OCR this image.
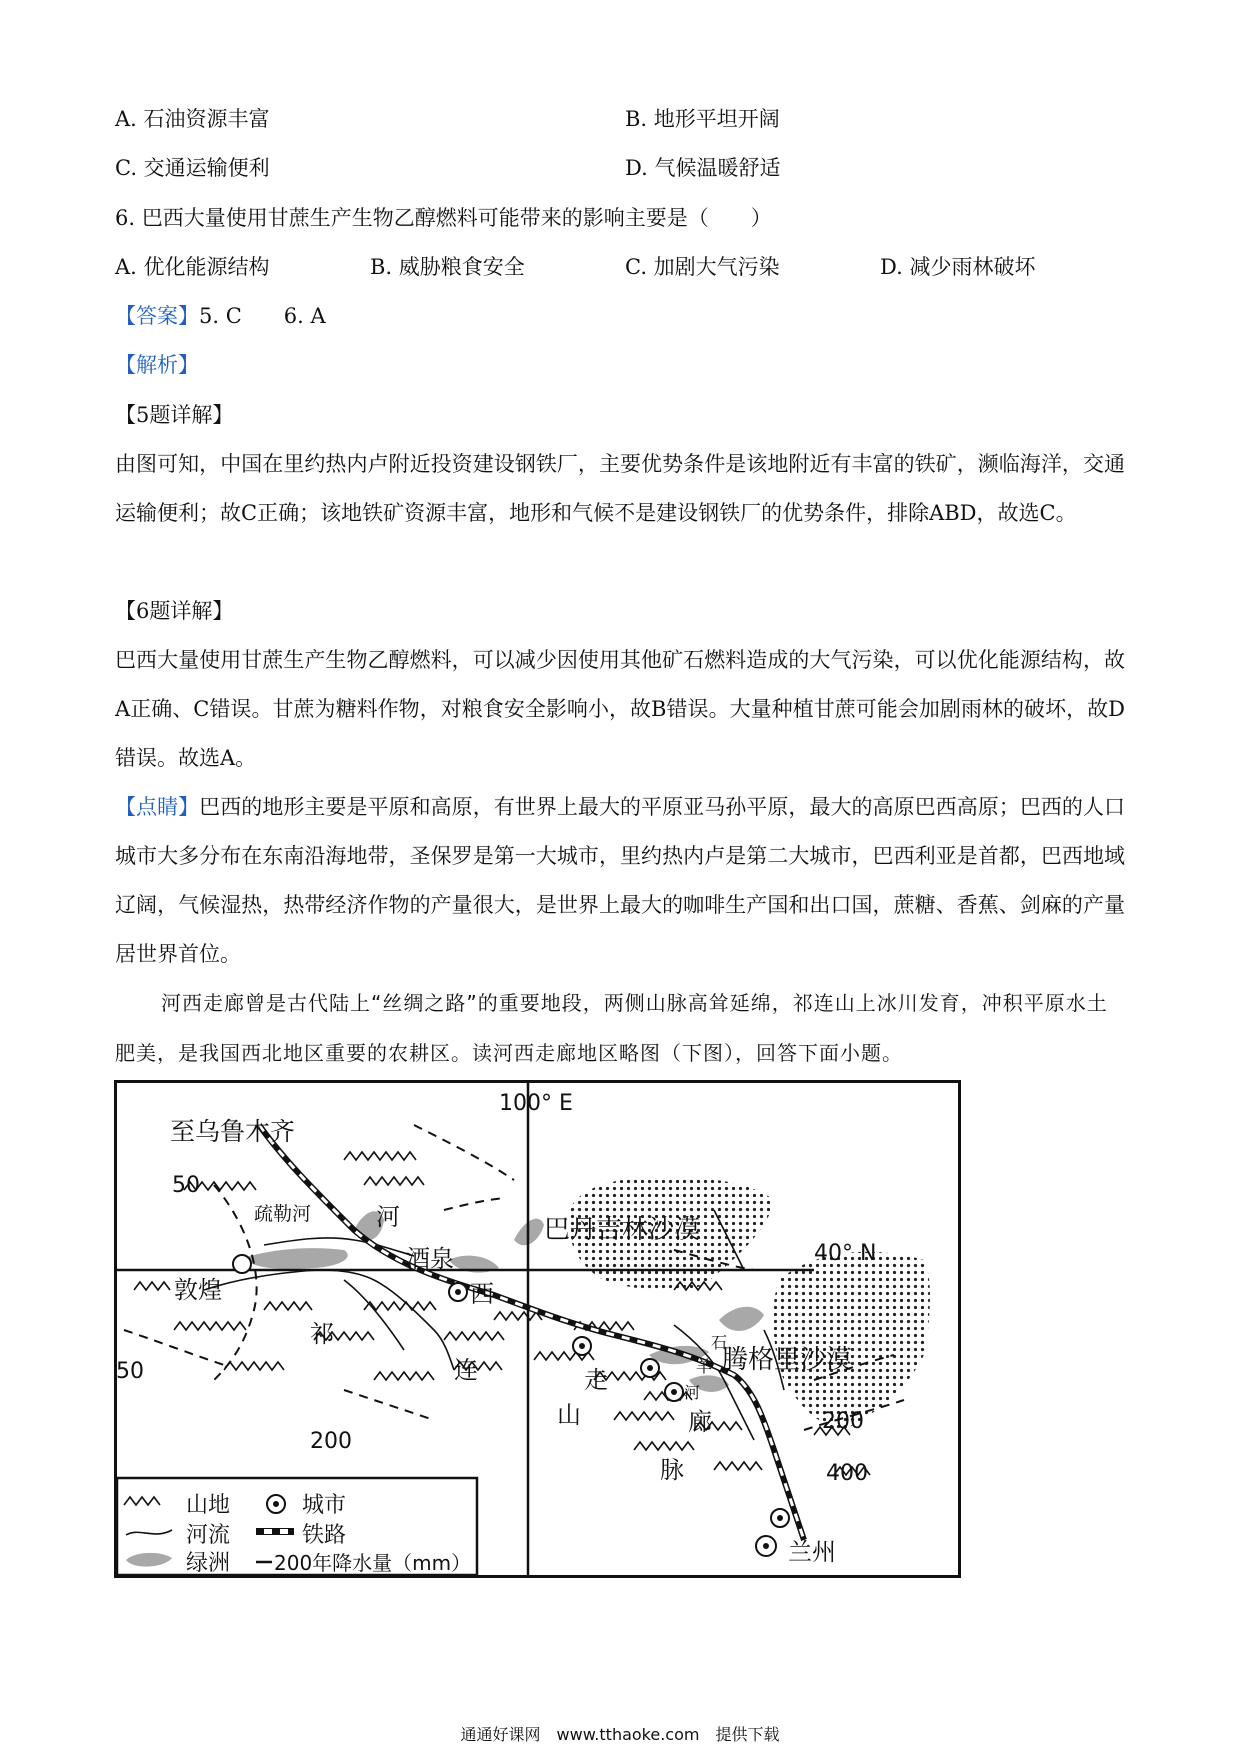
A. 石油资源丰富	B. 地形平坦开阔
C. 交通运输便利	D. 气候温暖舒适
6. 巴西大量使用甘蔗生产生物乙醇燃料可能带来的影响主要是（　　）
A. 优化能源结构	B. 威胁粮食安全	C. 加剧大气污染	D. 减少雨林破坏
【答案】5. C　　6. A
【解析】
【5题详解】
由图可知，中国在里约热内卢附近投资建设钢铁厂，主要优势条件是该地附近有丰富的铁矿，濒临海洋，交通运输便利；故C正确；该地铁矿资源丰富，地形和气候不是建设钢铁厂的优势条件，排除ABD，故选C。
【6题详解】
巴西大量使用甘蔗生产生物乙醇燃料，可以减少因使用其他矿石燃料造成的大气污染，可以优化能源结构，故A正确、C错误。甘蔗为糖料作物，对粮食安全影响小，故B错误。大量种植甘蔗可能会加剧雨林的破坏，故D错误。故选A。
【点睛】巴西的地形主要是平原和高原，有世界上最大的平原亚马孙平原，最大的高原巴西高原；巴西的人口城市大多分布在东南沿海地带，圣保罗是第一大城市，里约热内卢是第二大城市，巴西利亚是首都，巴西地域辽阔，气候湿热，热带经济作物的产量很大，是世界上最大的咖啡生产国和出口国，蔗糖、香蕉、剑麻的产量居世界首位。
河西走廊曾是古代陆上“丝绸之路”的重要地段，两侧山脉高耸延绵，祁连山上冰川发育，冲积平原水土肥美，是我国西北地区重要的农耕区。读河西走廊地区略图（下图），回答下面小题。
100° E
40° N
至乌鲁木齐
疏勒河	河
酒泉
西
敦煌
祁
连	走
山	廊
脉
巴丹吉林沙漠
腾格里沙漠
石
羊
河
兰州
50
50
200
200
400
山地	城市
河流	铁路
绿洲 200年降水量（mm）
通通好课网　www.tthaoke.com　提供下载
